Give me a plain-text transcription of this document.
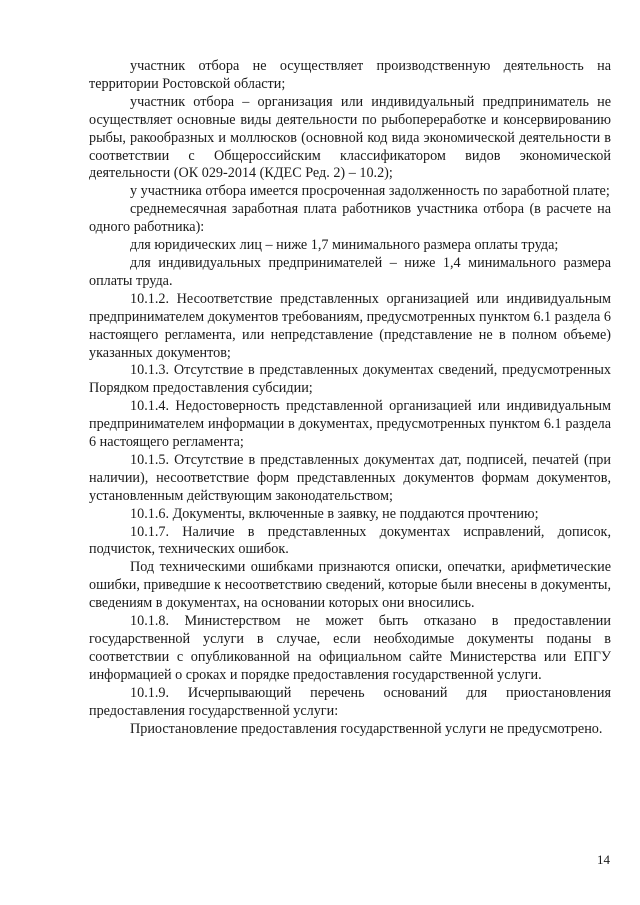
участник отбора не осуществляет производственную деятельность на территории Ростовской области;

участник отбора – организация или индивидуальный предприниматель не осуществляет основные виды деятельности по рыбопереработке и консервированию рыбы, ракообразных и моллюсков (основной код вида экономической деятельности в соответствии с Общероссийским классификатором видов экономической деятельности (ОК 029-2014 (КДЕС Ред. 2) – 10.2);

у участника отбора имеется просроченная задолженность по заработной плате;

среднемесячная заработная плата работников участника отбора (в расчете на одного работника):

для юридических лиц – ниже 1,7 минимального размера оплаты труда;

для индивидуальных предпринимателей – ниже 1,4 минимального размера оплаты труда.

10.1.2. Несоответствие представленных организацией или индивидуальным предпринимателем документов требованиям, предусмотренных пунктом 6.1 раздела 6 настоящего регламента, или непредставление (представление не в полном объеме) указанных документов;

10.1.3. Отсутствие в представленных документах сведений, предусмотренных Порядком предоставления субсидии;

10.1.4. Недостоверность представленной организацией или индивидуальным предпринимателем информации в документах, предусмотренных пунктом 6.1 раздела 6 настоящего регламента;

10.1.5. Отсутствие в представленных документах дат, подписей, печатей (при наличии), несоответствие форм представленных документов формам документов, установленным действующим законодательством;

10.1.6. Документы, включенные в заявку, не поддаются прочтению;

10.1.7. Наличие в представленных документах исправлений, дописок, подчисток, технических ошибок.

Под техническими ошибками признаются описки, опечатки, арифметические ошибки, приведшие к несоответствию сведений, которые были внесены в документы, сведениям в документах, на основании которых они вносились.

10.1.8. Министерством не может быть отказано в предоставлении государственной услуги в случае, если необходимые документы поданы в соответствии с опубликованной на официальном сайте Министерства или ЕПГУ информацией о сроках и порядке предоставления государственной услуги.

10.1.9. Исчерпывающий перечень оснований для приостановления предоставления государственной услуги:

Приостановление предоставления государственной услуги не предусмотрено.

14
